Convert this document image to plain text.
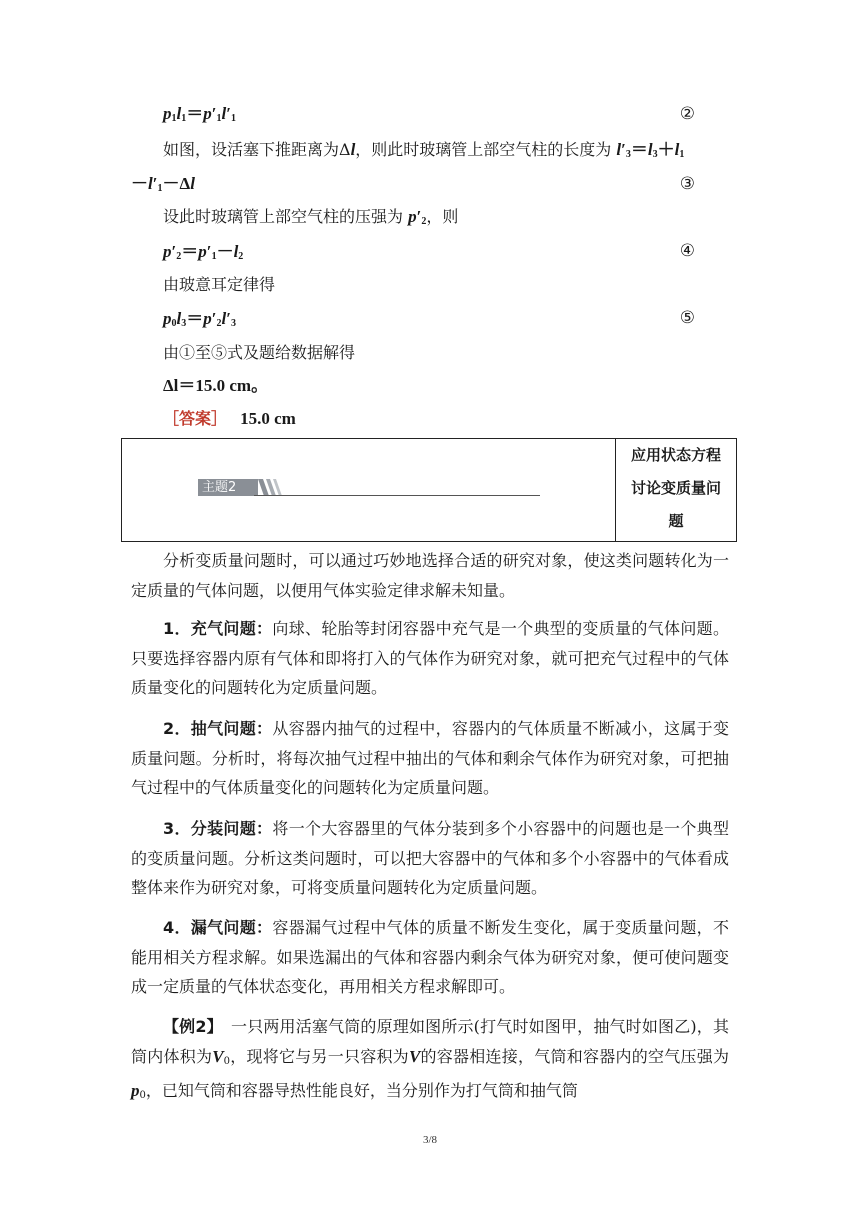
$p_1l_1=p'_1l'_1$	②
如图，设活塞下推距离为Δl，则此时玻璃管上部空气柱的长度为 $l'_3=l_3+l_1$
$-l'_1-\Delta l$	③
设此时玻璃管上部空气柱的压强为 $p'_2$，则
$p'_2=p'_1-l_2$	④
由玻意耳定律得
$p_0l_3=p'_2l'_3$	⑤
由①至⑤式及题给数据解得
Δl＝15.0 cm。
［答案］ 15.0 cm
主题2
应用状态方程
讨论变质量问
题
分析变质量问题时，可以通过巧妙地选择合适的研究对象，使这类问题转化为一定质量的气体问题，以便用气体实验定律求解未知量。
1．充气问题：向球、轮胎等封闭容器中充气是一个典型的变质量的气体问题。只要选择容器内原有气体和即将打入的气体作为研究对象，就可把充气过程中的气体质量变化的问题转化为定质量问题。
2．抽气问题：从容器内抽气的过程中，容器内的气体质量不断减小，这属于变质量问题。分析时，将每次抽气过程中抽出的气体和剩余气体作为研究对象，可把抽气过程中的气体质量变化的问题转化为定质量问题。
3．分装问题：将一个大容器里的气体分装到多个小容器中的问题也是一个典型的变质量问题。分析这类问题时，可以把大容器中的气体和多个小容器中的气体看成整体来作为研究对象，可将变质量问题转化为定质量问题。
4．漏气问题：容器漏气过程中气体的质量不断发生变化，属于变质量问题，不能用相关方程求解。如果选漏出的气体和容器内剩余气体为研究对象，便可使问题变成一定质量的气体状态变化，再用相关方程求解即可。
【例2】　一只两用活塞气筒的原理如图所示(打气时如图甲，抽气时如图乙)，其筒内体积为$V_0$，现将它与另一只容积为V的容器相连接，气筒和容器内的空气压强为$p_0$，已知气筒和容器导热性能良好，当分别作为打气筒和抽气筒
3/8
